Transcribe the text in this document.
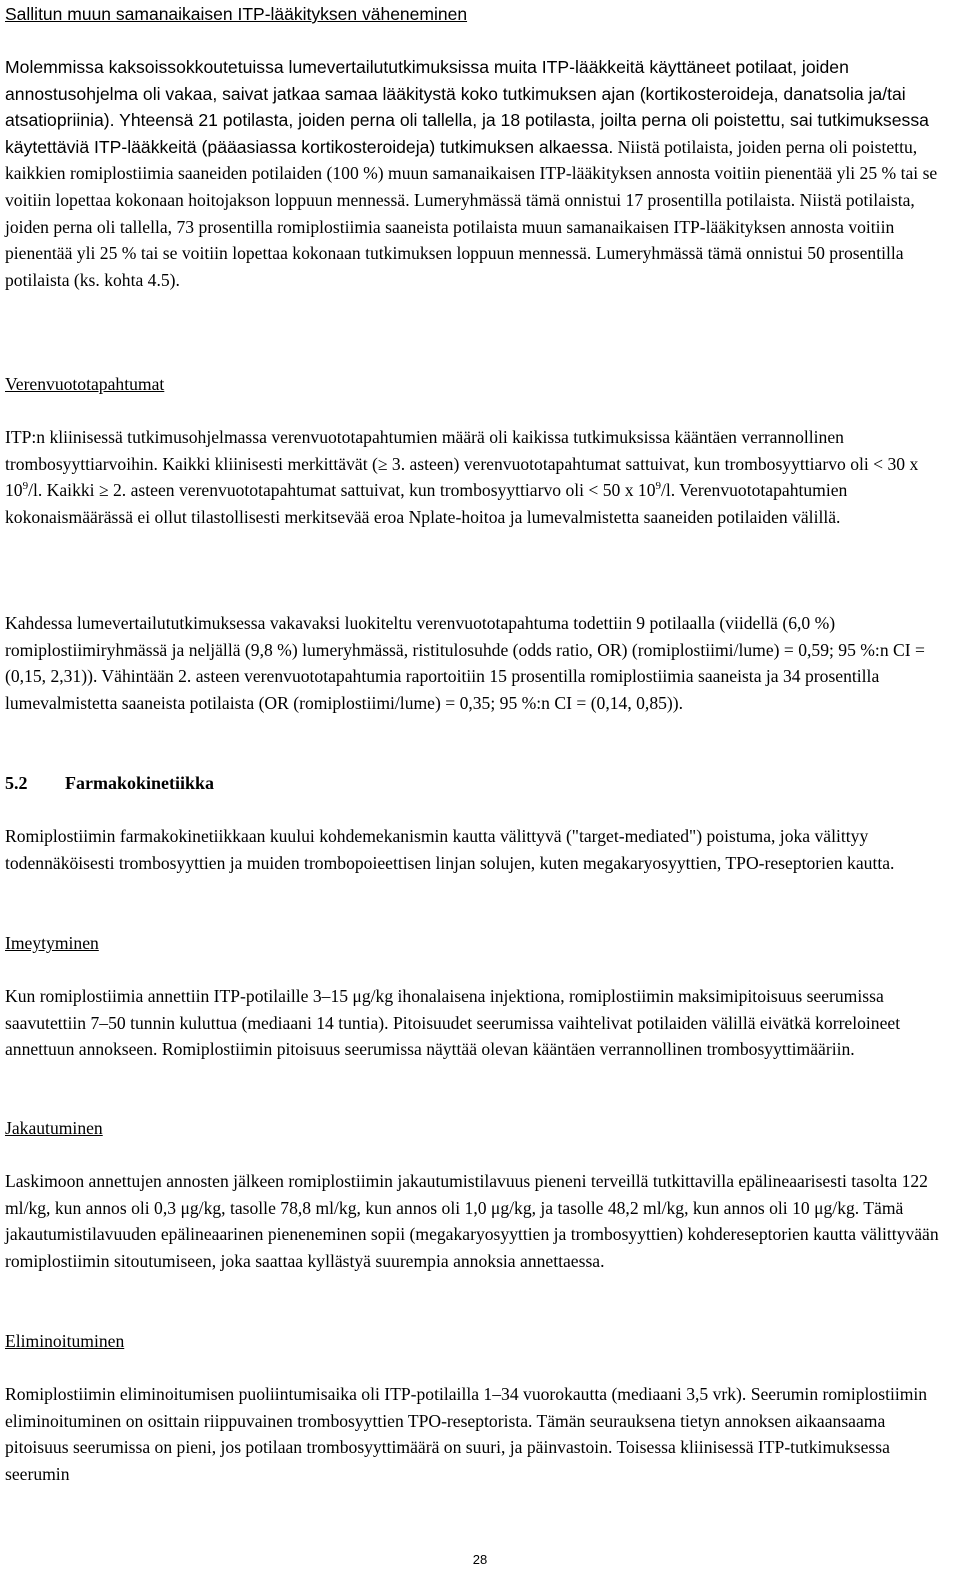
Sallitun muun samanaikaisen ITP-lääkityksen väheneminen

Molemmissa kaksoissokkoutetuissa lumevertailututkimuksissa muita ITP-lääkkeitä käyttäneet potilaat, joiden annostusohjelma oli vakaa, saivat jatkaa samaa lääkitystä koko tutkimuksen ajan (kortikosteroideja, danatsolia ja/tai atsatiopriinia). Yhteensä 21 potilasta, joiden perna oli tallella, ja 18 potilasta, joilta perna oli poistettu, sai tutkimuksessa käytettäviä ITP-lääkkeitä (pääasiassa kortikosteroideja) tutkimuksen alkaessa. Niistä potilaista, joiden perna oli poistettu, kaikkien romiplostiimia saaneiden potilaiden (100 %) muun samanaikaisen ITP-lääkityksen annosta voitiin pienentää yli 25 % tai se voitiin lopettaa kokonaan hoitojakson loppuun mennessä. Lumeryhmässä tämä onnistui 17 prosentilla potilaista. Niistä potilaista, joiden perna oli tallella, 73 prosentilla romiplostiimia saaneista potilaista muun samanaikaisen ITP-lääkityksen annosta voitiin pienentää yli 25 % tai se voitiin lopettaa kokonaan tutkimuksen loppuun mennessä. Lumeryhmässä tämä onnistui 50 prosentilla potilaista (ks. kohta 4.5).

Verenvuototapahtumat

ITP:n kliinisessä tutkimusohjelmassa verenvuototapahtumien määrä oli kaikissa tutkimuksissa kääntäen verrannollinen trombosyyttiarvoihin. Kaikki kliinisesti merkittävät (≥ 3. asteen) verenvuototapahtumat sattuivat, kun trombosyyttiarvo oli < 30 x $10^9/l$. Kaikki ≥ 2. asteen verenvuototapahtumat sattuivat, kun trombosyyttiarvo oli < 50 x $10^9/l$. Verenvuototapahtumien kokonaismäärässä ei ollut tilastollisesti merkitsevää eroa Nplate-hoitoa ja lumevalmistetta saaneiden potilaiden välillä.

Kahdessa lumevertailututkimuksessa vakavaksi luokiteltu verenvuototapahtuma todettiin 9 potilaalla (viidellä (6,0 %) romiplostiimiryhmässä ja neljällä (9,8 %) lumeryhmässä, ristitulosuhde (odds ratio, OR) (romiplostiimi/lume) = 0,59; 95 %:n CI = (0,15, 2,31)). Vähintään 2. asteen verenvuototapahtumia raportoitiin 15 prosentilla romiplostiimia saaneista ja 34 prosentilla lumevalmistetta saaneista potilaista (OR (romiplostiimi/lume) = 0,35; 95 %:n CI = (0,14, 0,85)).

5.2 Farmakokinetiikka

Romiplostiimin farmakokinetiikkaan kuului kohdemekanismin kautta välittyvä ("target-mediated") poistuma, joka välittyy todennäköisesti trombosyyttien ja muiden trombopoieettisen linjan solujen, kuten megakaryosyyttien, TPO-reseptorien kautta.

Imeytyminen

Kun romiplostiimia annettiin ITP-potilaille 3–15 μg/kg ihonalaisena injektiona, romiplostiimin maksimipitoisuus seerumissa saavutettiin 7–50 tunnin kuluttua (mediaani 14 tuntia). Pitoisuudet seerumissa vaihtelivat potilaiden välillä eivätkä korreloineet annettuun annokseen. Romiplostiimin pitoisuus seerumissa näyttää olevan kääntäen verrannollinen trombosyyttimääriin.

Jakautuminen

Laskimoon annettujen annosten jälkeen romiplostiimin jakautumistilavuus pieneni terveillä tutkittavilla epälineaarisesti tasolta 122 ml/kg, kun annos oli 0,3 μg/kg, tasolle 78,8 ml/kg, kun annos oli 1,0 μg/kg, ja tasolle 48,2 ml/kg, kun annos oli 10 μg/kg. Tämä jakautumistilavuuden epälineaarinen pieneneminen sopii (megakaryosyyttien ja trombosyyttien) kohdereseptorien kautta välittyvään romiplostiimin sitoutumiseen, joka saattaa kyllästyä suurempia annoksia annettaessa.

Eliminoituminen

Romiplostiimin eliminoitumisen puoliintumisaika oli ITP-potilailla 1–34 vuorokautta (mediaani 3,5 vrk). Seerumin romiplostiimin eliminoituminen on osittain riippuvainen trombosyyttien TPO-reseptorista. Tämän seurauksena tietyn annoksen aikaansaama pitoisuus seerumissa on pieni, jos potilaan trombosyyttimäärä on suuri, ja päinvastoin. Toisessa kliinisessä ITP-tutkimuksessa seerumin

28
